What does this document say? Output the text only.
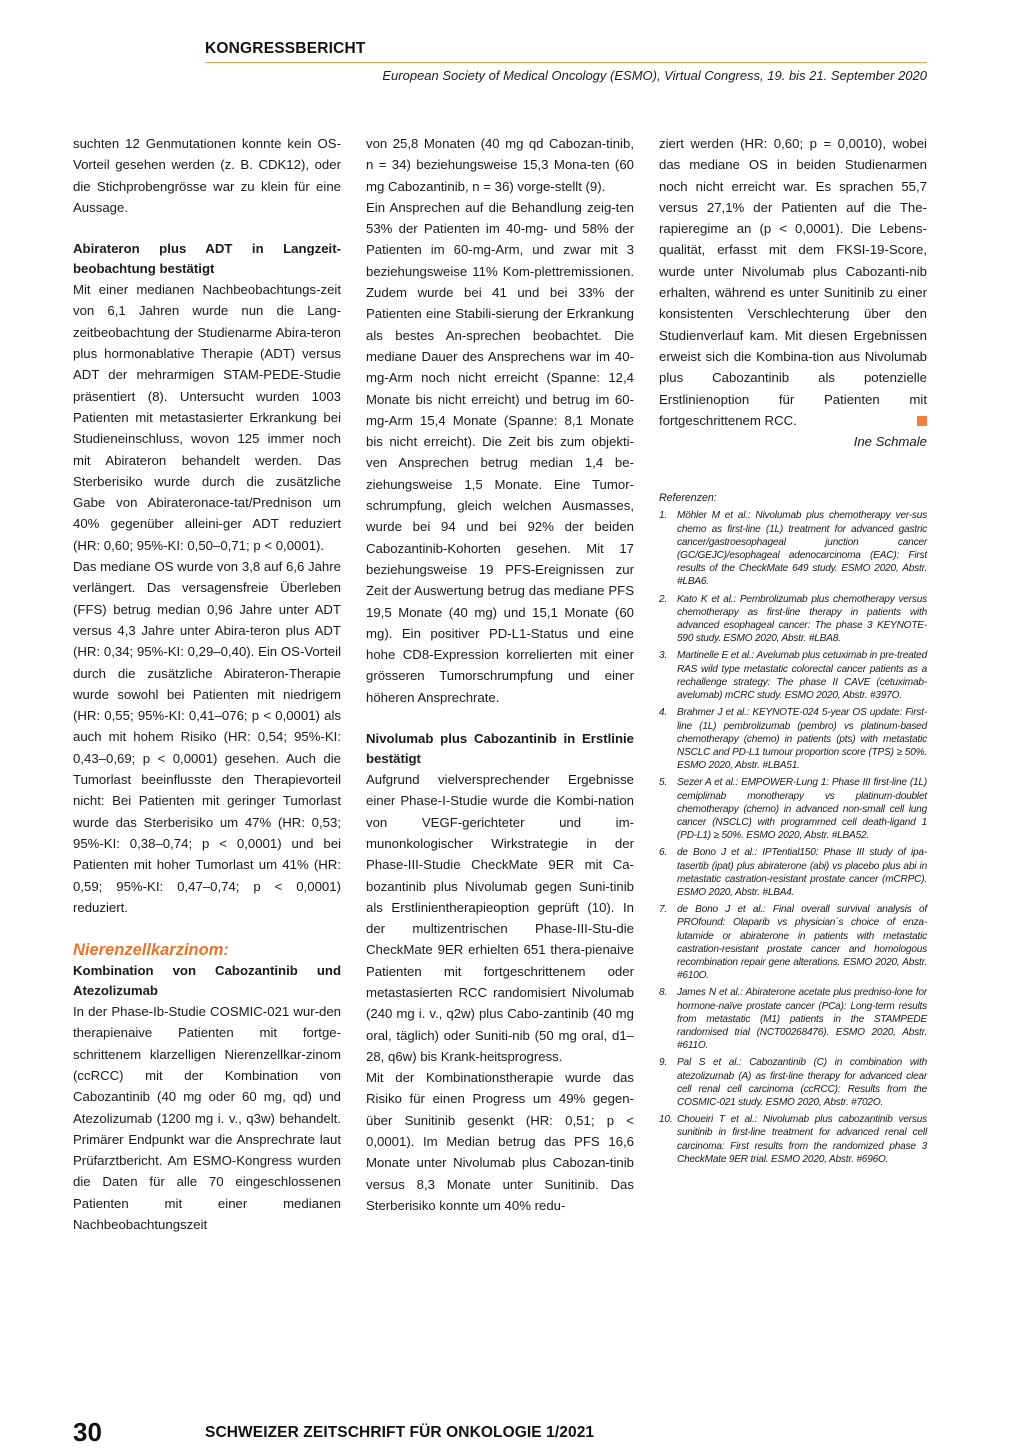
KONGRESSBERICHT
European Society of Medical Oncology (ESMO), Virtual Congress, 19. bis 21. September 2020

suchten 12 Genmutationen konnte kein OS-Vorteil gesehen werden (z. B. CDK12), oder die Stichprobengrösse war zu klein für eine Aussage.

Abirateron plus ADT in Langzeit-beobachtung bestätigt

Mit einer medianen Nachbeobachtungs-zeit von 6,1 Jahren wurde nun die Lang-zeitbeobachtung der Studienarme Abira-teron plus hormonablative Therapie (ADT) versus ADT der mehrarmigen STAM-PEDE-Studie präsentiert (8). Untersucht wurden 1003 Patienten mit metastasierter Erkrankung bei Studieneinschluss, wovon 125 immer noch mit Abirateron behandelt werden. Das Sterberisiko wurde durch die zusätzliche Gabe von Abirateronace-tat/Prednison um 40% gegenüber alleini-ger ADT reduziert (HR: 0,60; 95%-KI: 0,50–0,71; p < 0,0001).

Das mediane OS wurde von 3,8 auf 6,6 Jahre verlängert. Das versagensfreie Überleben (FFS) betrug median 0,96 Jahre unter ADT versus 4,3 Jahre unter Abira-teron plus ADT (HR: 0,34; 95%-KI: 0,29–0,40). Ein OS-Vorteil durch die zusätzliche Abirateron-Therapie wurde sowohl bei Patienten mit niedrigem (HR: 0,55; 95%-KI: 0,41–076; p < 0,0001) als auch mit hohem Risiko (HR: 0,54; 95%-KI: 0,43–0,69; p < 0,0001) gesehen. Auch die Tumorlast beeinflusste den Therapievorteil nicht: Bei Patienten mit geringer Tumorlast wurde das Sterberisiko um 47% (HR: 0,53; 95%-KI: 0,38–0,74; p < 0,0001) und bei Patienten mit hoher Tumorlast um 41% (HR: 0,59; 95%-KI: 0,47–0,74; p < 0,0001) reduziert.

Nierenzellkarzinom:
Kombination von Cabozantinib und Atezolizumab

In der Phase-Ib-Studie COSMIC-021 wur-den therapienaive Patienten mit fortge-schrittenem klarzelligen Nierenzellkar-zinom (ccRCC) mit der Kombination von Cabozantinib (40 mg oder 60 mg, qd) und Atezolizumab (1200 mg i. v., q3w) behandelt. Primärer Endpunkt war die Ansprechrate laut Prüfarztbericht. Am ESMO-Kongress wurden die Daten für alle 70 eingeschlossenen Patienten mit einer medianen Nachbeobachtungszeit

von 25,8 Monaten (40 mg qd Cabozan-tinib, n = 34) beziehungsweise 15,3 Mona-ten (60 mg Cabozantinib, n = 36) vorge-stellt (9).

Ein Ansprechen auf die Behandlung zeig-ten 53% der Patienten im 40-mg- und 58% der Patienten im 60-mg-Arm, und zwar mit 3 beziehungsweise 11% Kom-plettremissionen. Zudem wurde bei 41 und bei 33% der Patienten eine Stabili-sierung der Erkrankung als bestes An-sprechen beobachtet. Die mediane Dauer des Ansprechens war im 40-mg-Arm noch nicht erreicht (Spanne: 12,4 Monate bis nicht erreicht) und betrug im 60-mg-Arm 15,4 Monate (Spanne: 8,1 Monate bis nicht erreicht). Die Zeit bis zum objekti-ven Ansprechen betrug median 1,4 be-ziehungsweise 1,5 Monate. Eine Tumor-schrumpfung, gleich welchen Ausmasses, wurde bei 94 und bei 92% der beiden Cabozantinib-Kohorten gesehen. Mit 17 beziehungsweise 19 PFS-Ereignissen zur Zeit der Auswertung betrug das mediane PFS 19,5 Monate (40 mg) und 15,1 Monate (60 mg). Ein positiver PD-L1-Status und eine hohe CD8-Expression korrelierten mit einer grösseren Tumorschrumpfung und einer höheren Ansprechrate.

Nivolumab plus Cabozantinib in Erstlinie bestätigt

Aufgrund vielversprechender Ergebnisse einer Phase-I-Studie wurde die Kombi-nation von VEGF-gerichteter und im-munonkologischer Wirkstrategie in der Phase-III-Studie CheckMate 9ER mit Ca-bozantinib plus Nivolumab gegen Suni-tinib als Erstlinientherapieoption geprüft (10). In der multizentrischen Phase-III-Stu-die CheckMate 9ER erhielten 651 thera-pienaive Patienten mit fortgeschrittenem oder metastasierten RCC randomisiert Nivolumab (240 mg i. v., q2w) plus Cabo-zantinib (40 mg oral, täglich) oder Suniti-nib (50 mg oral, d1–28, q6w) bis Krank-heitsprogress.

Mit der Kombinationstherapie wurde das Risiko für einen Progress um 49% gegen-über Sunitinib gesenkt (HR: 0,51; p < 0,0001). Im Median betrug das PFS 16,6 Monate unter Nivolumab plus Cabozan-tinib versus 8,3 Monate unter Sunitinib. Das Sterberisiko konnte um 40% redu-

ziert werden (HR: 0,60; p = 0,0010), wobei das mediane OS in beiden Studienarmen noch nicht erreicht war. Es sprachen 55,7 versus 27,1% der Patienten auf die The-rapieregime an (p < 0,0001). Die Lebens-qualität, erfasst mit dem FKSI-19-Score, wurde unter Nivolumab plus Cabozanti-nib erhalten, während es unter Sunitinib zu einer konsistenten Verschlechterung über den Studienverlauf kam. Mit diesen Ergebnissen erweist sich die Kombina-tion aus Nivolumab plus Cabozantinib als potenzielle Erstlinienoption für Patienten mit fortgeschrittenem RCC.

Ine Schmale

Referenzen:
1. Möhler M et al.: Nivolumab plus chemotherapy ver-sus chemo as first-line (1L) treatment for advanced gastric cancer/gastroesophageal junction cancer (GC/GEJC)/esophageal adenocarcinoma (EAC): First results of the CheckMate 649 study. ESMO 2020, Abstr. #LBA6.
2. Kato K et al.: Pembrolizumab plus chemotherapy versus chemotherapy as first-line therapy in patients with advanced esophageal cancer: The phase 3 KEYNOTE-590 study. ESMO 2020, Abstr. #LBA8.
3. Martinelle E et al.: Avelumab plus cetuximab in pre-treated RAS wild type metastatic colorectal cancer patients as a rechallenge strategy: The phase II CAVE (cetuximab-avelumab) mCRC study. ESMO 2020, Abstr. #397O.
4. Brahmer J et al.: KEYNOTE-024 5-year OS update: First-line (1L) pembrolizumab (pembro) vs platinum-based chemotherapy (chemo) in patients (pts) with metastatic NSCLC and PD-L1 tumour proportion score (TPS) ≥ 50%. ESMO 2020, Abstr. #LBA51.
5. Sezer A et al.: EMPOWER-Lung 1: Phase III first-line (1L) cemiplimab monotherapy vs platinum-doublet chemotherapy (chemo) in advanced non-small cell lung cancer (NSCLC) with programmed cell death-ligand 1 (PD-L1) ≥ 50%. ESMO 2020, Abstr. #LBA52.
6. de Bono J et al.: IPTential150: Phase III study of ipa-tasertib (ipat) plus abiraterone (abi) vs placebo plus abi in metastatic castration-resistant prostate cancer (mCRPC). ESMO 2020, Abstr. #LBA4.
7. de Bono J et al.: Final overall survival analysis of PROfound: Olaparib vs physician´s choice of enza-lutamide or abiraterone in patients with metastatic castration-resistant prostate cancer and homologous recombination repair gene alterations. ESMO 2020, Abstr. #610O.
8. James N et al.: Abiraterone acetate plus predniso-lone for hormone-naïve prostate cancer (PCa): Long-term results from metastatic (M1) patients in the STAMPEDE randomised trial (NCT00268476). ESMO 2020, Abstr. #611O.
9. Pal S et al.: Cabozantinib (C) in combination with atezolizumab (A) as first-line therapy for advanced clear cell renal cell carcinoma (ccRCC): Results from the COSMIC-021 study. ESMO 2020, Abstr. #702O.
10. Choueiri T et al.: Nivolumab plus cabozantinib versus sunitinib in first-line treatment for advanced renal cell carcinoma: First results from the randomized phase 3 CheckMate 9ER trial. ESMO 2020, Abstr. #696O.
30	SCHWEIZER ZEITSCHRIFT FÜR ONKOLOGIE 1/2021
